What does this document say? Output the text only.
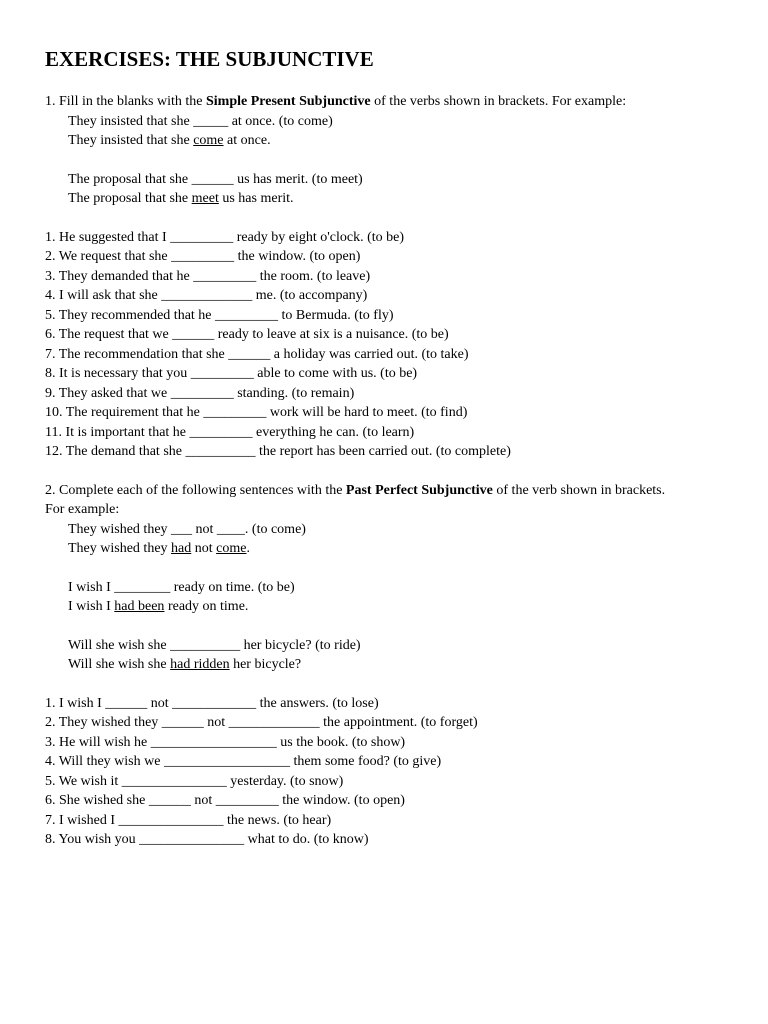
EXERCISES: THE SUBJUNCTIVE
1. Fill in the blanks with the Simple Present Subjunctive of the verbs shown in brackets. For example:
They insisted that she _____ at once. (to come)
They insisted that she come at once.
The proposal that she ______ us has merit. (to meet)
The proposal that she meet us has merit.
1. He suggested that I _________ ready by eight o'clock. (to be)
2. We request that she _________ the window. (to open)
3. They demanded that he _________ the room. (to leave)
4. I will ask that she _____________ me. (to accompany)
5. They recommended that he _________ to Bermuda. (to fly)
6. The request that we ______ ready to leave at six is a nuisance. (to be)
7. The recommendation that she ______ a holiday was carried out. (to take)
8. It is necessary that you _________ able to come with us. (to be)
9. They asked that we _________ standing. (to remain)
10. The requirement that he _________ work will be hard to meet. (to find)
11. It is important that he _________ everything he can. (to learn)
12. The demand that she __________ the report has been carried out. (to complete)
2. Complete each of the following sentences with the Past Perfect Subjunctive of the verb shown in brackets.
For example:
They wished they ___ not ____. (to come)
They wished they had not come.
I wish I ________ ready on time. (to be)
I wish I had been ready on time.
Will she wish she __________ her bicycle? (to ride)
Will she wish she had ridden her bicycle?
1. I wish I ______ not ____________ the answers. (to lose)
2. They wished they ______ not _____________ the appointment. (to forget)
3. He will wish he __________________ us the book. (to show)
4. Will they wish we __________________ them some food? (to give)
5. We wish it _______________ yesterday. (to snow)
6. She wished she ______ not _________ the window. (to open)
7. I wished I _______________ the news. (to hear)
8. You wish you _______________ what to do. (to know)
